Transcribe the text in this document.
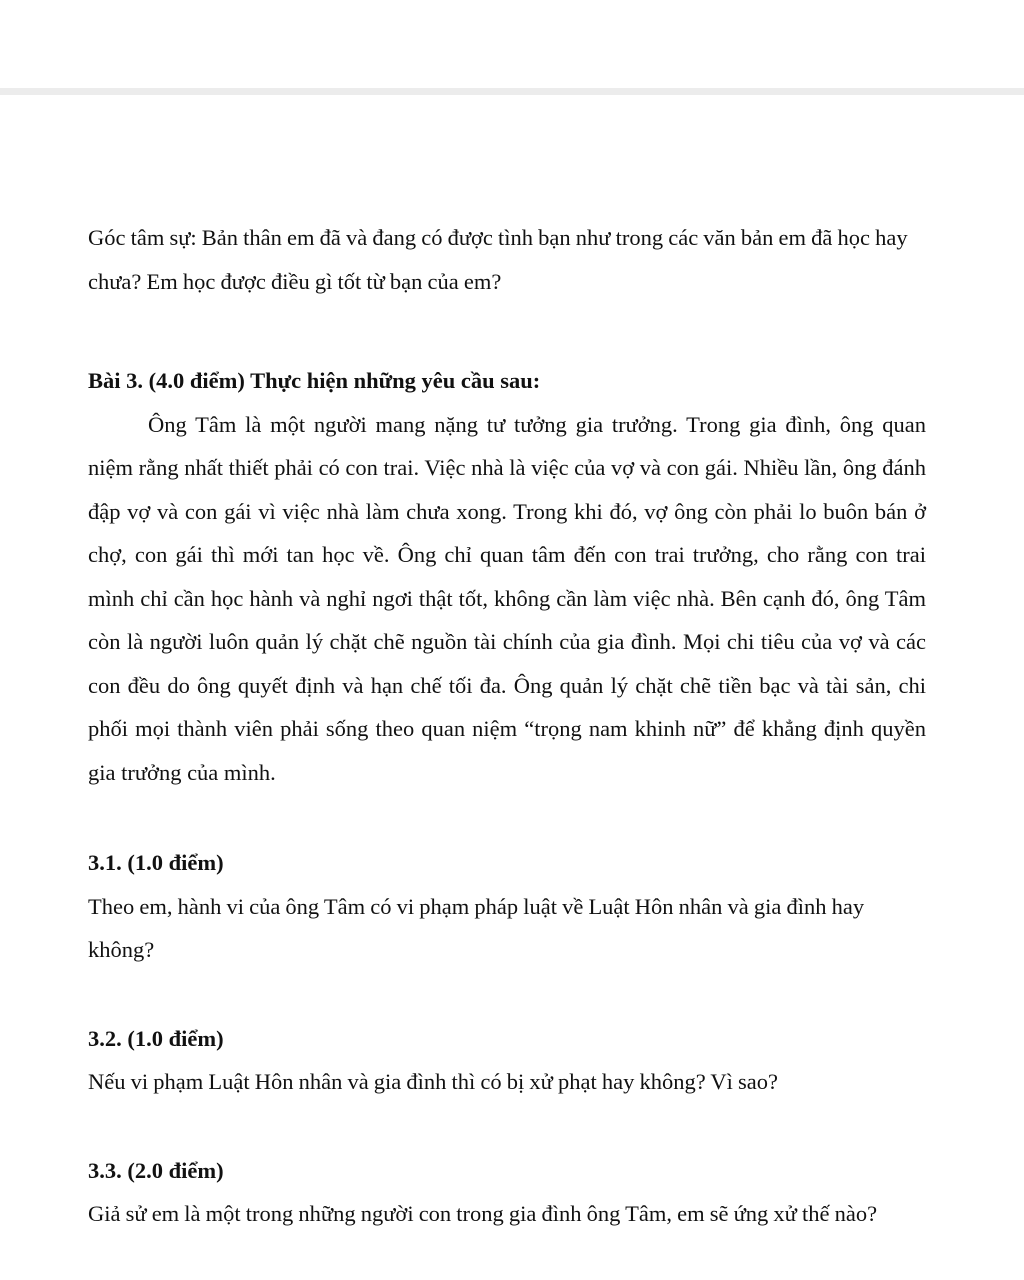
Góc tâm sự: Bản thân em đã và đang có được tình bạn như trong các văn bản em đã học hay chưa? Em học được điều gì tốt từ bạn của em?

Bài 3. (4.0 điểm) Thực hiện những yêu cầu sau:

Ông Tâm là một người mang nặng tư tưởng gia trưởng. Trong gia đình, ông quan niệm rằng nhất thiết phải có con trai. Việc nhà là việc của vợ và con gái. Nhiều lần, ông đánh đập vợ và con gái vì việc nhà làm chưa xong. Trong khi đó, vợ ông còn phải lo buôn bán ở chợ, con gái thì mới tan học về. Ông chỉ quan tâm đến con trai trưởng, cho rằng con trai mình chỉ cần học hành và nghỉ ngơi thật tốt, không cần làm việc nhà. Bên cạnh đó, ông Tâm còn là người luôn quản lý chặt chẽ nguồn tài chính của gia đình. Mọi chi tiêu của vợ và các con đều do ông quyết định và hạn chế tối đa. Ông quản lý chặt chẽ tiền bạc và tài sản, chi phối mọi thành viên phải sống theo quan niệm “trọng nam khinh nữ” để khẳng định quyền gia trưởng của mình.

3.1. (1.0 điểm)

Theo em, hành vi của ông Tâm có vi phạm pháp luật về Luật Hôn nhân và gia đình hay không?

3.2. (1.0 điểm)

Nếu vi phạm Luật Hôn nhân và gia đình thì có bị xử phạt hay không? Vì sao?

3.3. (2.0 điểm)

Giả sử em là một trong những người con trong gia đình ông Tâm, em sẽ ứng xử thế nào?
